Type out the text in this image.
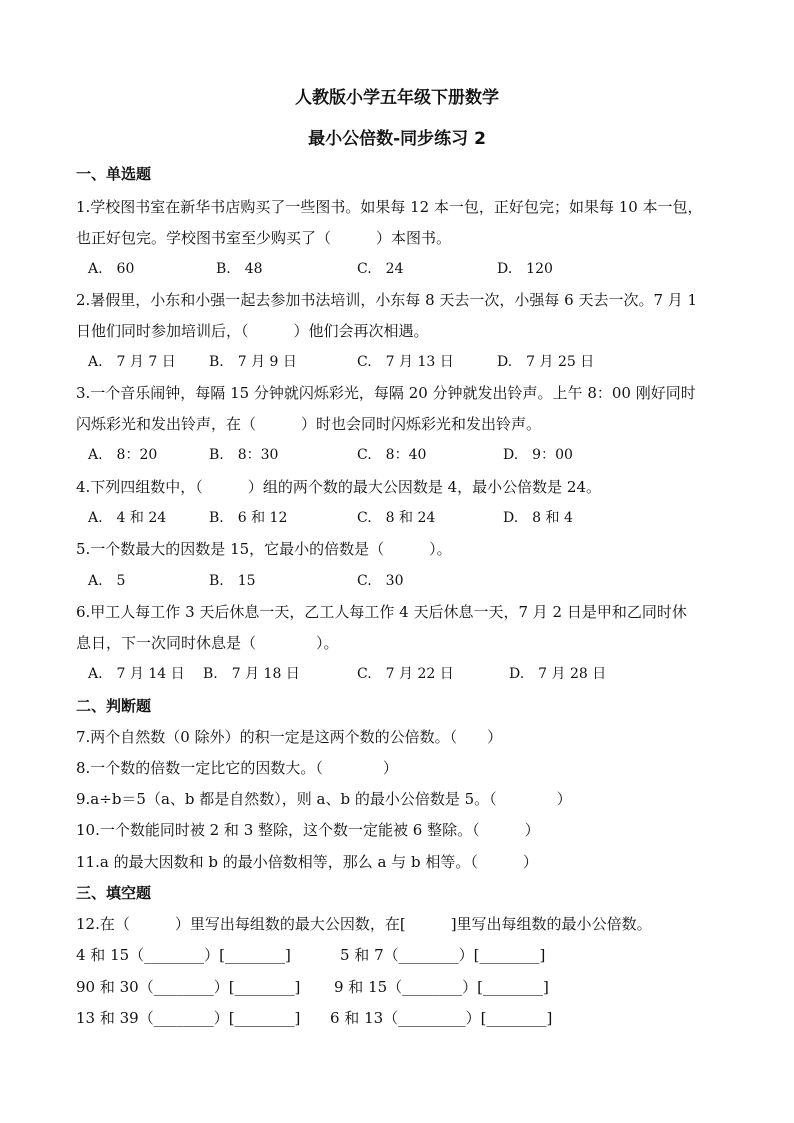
人教版小学五年级下册数学
最小公倍数-同步练习 2
一、单选题
1.学校图书室在新华书店购买了一些图书。如果每 12 本一包，正好包完；如果每 10 本一包，
也正好包完。学校图书室至少购买了（　　　）本图书。
A.　60	B.　48	C.　24	D.　120
2.暑假里，小东和小强一起去参加书法培训，小东每 8 天去一次，小强每 6 天去一次。7 月 1
日他们同时参加培训后，（　　　）他们会再次相遇。
A.　7 月 7 日 B.　7 月 9 日	C.　7 月 13 日	D.　7 月 25 日
3.一个音乐闹钟，每隔 15 分钟就闪烁彩光，每隔 20 分钟就发出铃声。上午 8：00 刚好同时
闪烁彩光和发出铃声，在（　　　）时也会同时闪烁彩光和发出铃声。
A.　8：20	B.　8：30	C.　8：40	D.　9：00
4.下列四组数中，（　　　）组的两个数的最大公因数是 4，最小公倍数是 24。
A.　4 和 24	B.　6 和 12	C.　8 和 24	D.　8 和 4
5.一个数最大的因数是 15，它最小的倍数是（　　　）。
A.　5	B.　15	C.　30
6.甲工人每工作 3 天后休息一天，乙工人每工作 4 天后休息一天，7 月 2 日是甲和乙同时休
息日，下一次同时休息是（　　　　）。
A.　7 月 14 日 B.　7 月 18 日	C.　7 月 22 日	D.　7 月 28 日
二、判断题
7.两个自然数（0 除外）的积一定是这两个数的公倍数。（　　）
8.一个数的倍数一定比它的因数大。（　　　　）
9.a÷b＝5（a、b 都是自然数），则 a、b 的最小公倍数是 5。（　　　　）
10.一个数能同时被 2 和 3 整除，这个数一定能被 6 整除。（　　　）
11.a 的最大因数和 b 的最小倍数相等，那么 a 与 b 相等。（　　　）
三、填空题
12.在（　　　）里写出每组数的最大公因数，在[　　　]里写出每组数的最小公倍数。
4 和 15（________）[________]	5 和 7（________）[________]
90 和 30（________）[________] 9 和 15（________）[________]
13 和 39（________）[________] 6 和 13（_________）[________]
